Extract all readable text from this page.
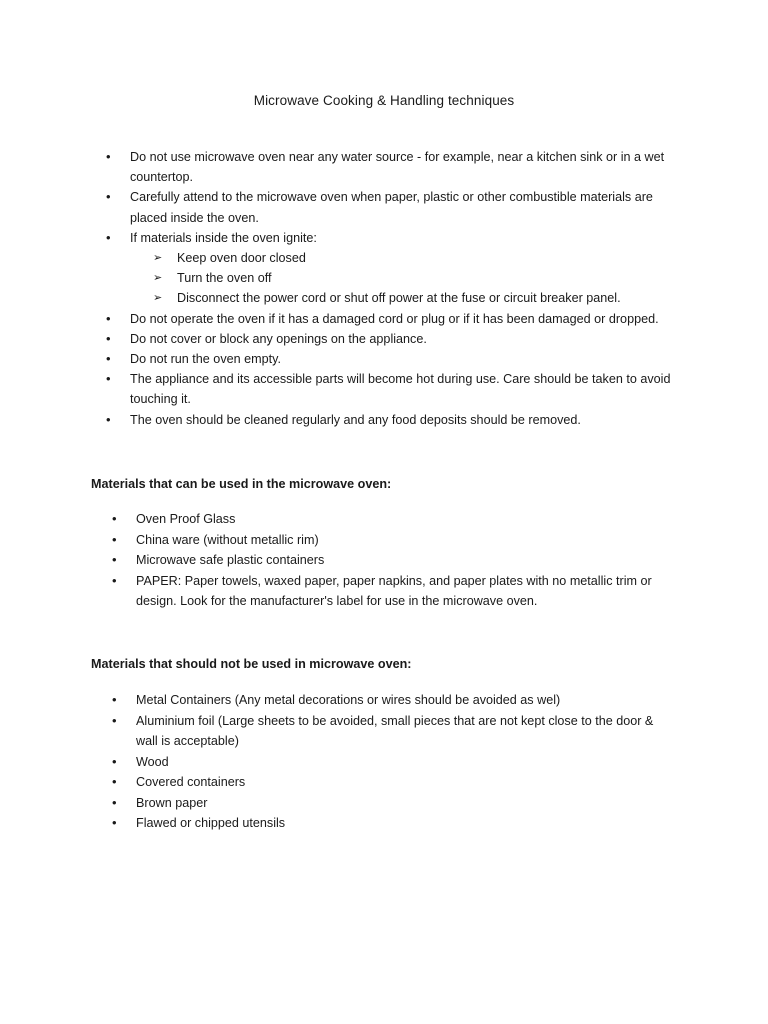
Microwave Cooking & Handling techniques
• Do not use microwave oven near any water source - for example, near a kitchen sink or in a wet countertop.
• Carefully attend to the microwave oven when paper, plastic or other combustible materials are placed inside the oven.
• If materials inside the oven ignite:
➢ Keep oven door closed
➢ Turn the oven off
➢ Disconnect the power cord or shut off power at the fuse or circuit breaker panel.
• Do not operate the oven if it has a damaged cord or plug or if it has been damaged or dropped.
• Do not cover or block any openings on the appliance.
• Do not run the oven empty.
• The appliance and its accessible parts will become hot during use. Care should be taken to avoid touching it.
• The oven should be cleaned regularly and any food deposits should be removed.
Materials that can be used in the microwave oven:
• Oven Proof Glass
• China ware (without metallic rim)
• Microwave safe plastic containers
• PAPER: Paper towels, waxed paper, paper napkins, and paper plates with no metallic trim or design. Look for the manufacturer's label for use in the microwave oven.
Materials that should not be used in microwave oven:
• Metal Containers (Any metal decorations or wires should be avoided as wel)
• Aluminium foil (Large sheets to be avoided, small pieces that are not kept close to the door & wall is acceptable)
• Wood
• Covered containers
• Brown paper
• Flawed or chipped utensils
